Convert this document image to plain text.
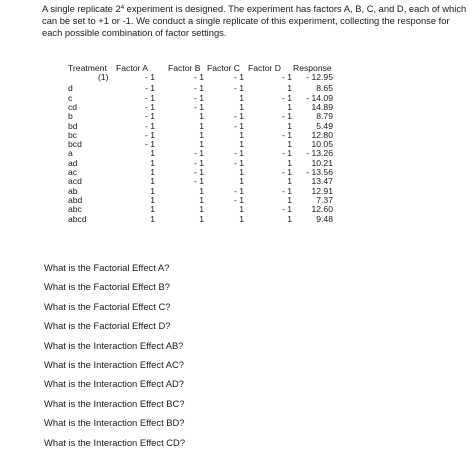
A single replicate $2^4$ experiment is designed. The experiment has factors A, B, C, and D, each of which can be set to +1 or -1. We conduct a single replicate of this experiment, collecting the response for each possible combination of factor settings.
Treatment Factor A Factor B Factor C Factor D Response
(1)	- 1	- 1	- 1	- 1	- 12.95
d	- 1	- 1	- 1	1	8.65
c	- 1	- 1	1	- 1	- 14.09
cd	- 1	- 1	1	1	14.89
b	- 1	1	- 1	- 1	8.79
bd	- 1	1	- 1	1	5.49
bc	- 1	1	1	- 1	12.80
bcd	- 1	1	1	1	10.05
a	1	- 1	- 1	- 1	- 13.26
ad	1	- 1	- 1	1	10.21
ac	1	- 1	1	- 1	- 13.56
acd	1	- 1	1	1	13.47
ab	1	1	- 1	- 1	12.91
abd	1	1	- 1	1	7.37
abc	1	1	1	- 1	12.60
abcd	1	1	1	1	9.48
What is the Factorial Effect A?
What is the Factorial Effect B?
What is the Factorial Effect C?
What is the Factorial Effect D?
What is the Interaction Effect AB?
What is the Interaction Effect AC?
What is the Interaction Effect AD?
What is the Interaction Effect BC?
What is the Interaction Effect BD?
What is the Interaction Effect CD?
